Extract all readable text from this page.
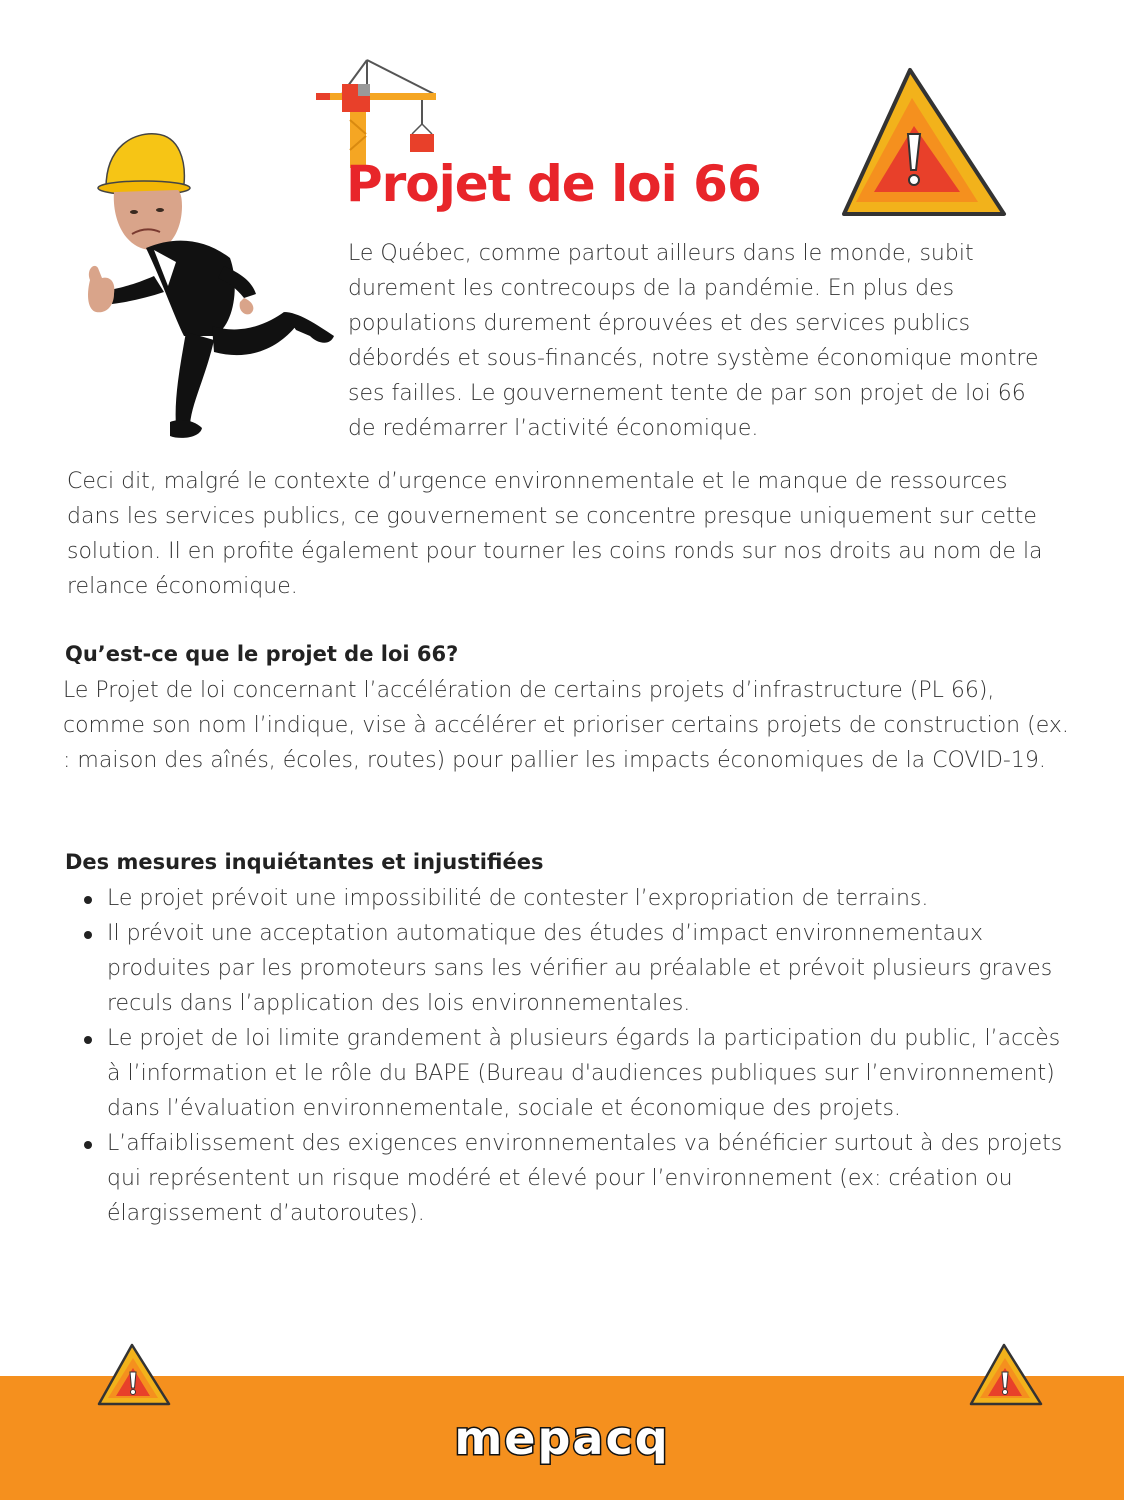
Projet de loi 66

Le Québec, comme partout ailleurs dans le monde, subit durement les contrecoups de la pandémie. En plus des populations durement éprouvées et des services publics débordés et sous-financés, notre système économique montre ses failles. Le gouvernement tente de par son projet de loi 66 de redémarrer l’activité économique.

Ceci dit, malgré le contexte d’urgence environnementale et le manque de ressources dans les services publics, ce gouvernement se concentre presque uniquement sur cette solution. Il en profite également pour tourner les coins ronds sur nos droits au nom de la relance économique.

Qu’est-ce que le projet de loi 66?

Le Projet de loi concernant l’accélération de certains projets d’infrastructure (PL 66), comme son nom l’indique, vise à accélérer et prioriser certains projets de construction (ex. : maison des aînés, écoles, routes) pour pallier les impacts économiques de la COVID-19.

Des mesures inquiétantes et injustifiées
Le projet prévoit une impossibilité de contester l’expropriation de terrains.
Il prévoit une acceptation automatique des études d’impact environnementaux produites par les promoteurs sans les vérifier au préalable et prévoit plusieurs graves reculs dans l’application des lois environnementales.
Le projet de loi limite grandement à plusieurs égards la participation du public, l’accès à l’information et le rôle du BAPE (Bureau d'audiences publiques sur l’environnement) dans l’évaluation environnementale, sociale et économique des projets.
L’affaiblissement des exigences environnementales va bénéficier surtout à des projets qui représentent un risque modéré et élevé pour l’environnement (ex: création ou élargissement d’autoroutes).
mepacq
